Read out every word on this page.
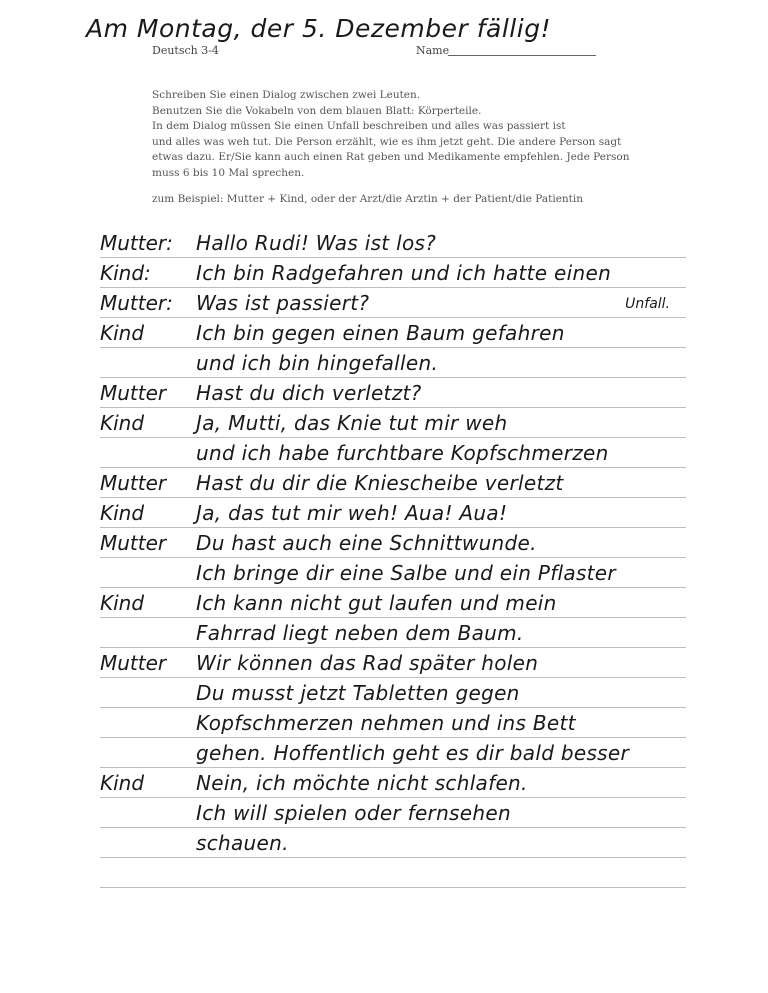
Am Montag, der 5. Dezember fällig!
Deutsch 3-4	Name
Schreiben Sie einen Dialog zwischen zwei Leuten.
Benutzen Sie die Vokabeln von dem blauen Blatt: Körperteile.
In dem Dialog müssen Sie einen Unfall beschreiben und alles was passiert ist
und alles was weh tut. Die Person erzählt, wie es ihm jetzt geht. Die andere Person sagt
etwas dazu. Er/Sie kann auch einen Rat geben und Medikamente empfehlen. Jede Person
muss 6 bis 10 Mal sprechen.
zum Beispiel: Mutter + Kind, oder der Arzt/die Arztin + der Patient/die Patientin
Mutter: Hallo Rudi! Was ist los?
Kind: Ich bin Radgefahren und ich hatte einen
Mutter: Was ist passiert?	Unfall.
Kind	Ich bin gegen einen Baum gefahren
und ich bin hingefallen.
Mutter Hast du dich verletzt?
Kind	Ja, Mutti, das Knie tut mir weh
und ich habe furchtbare Kopfschmerzen
Mutter Hast du dir die Kniescheibe verletzt
Kind	Ja, das tut mir weh! Aua! Aua!
Mutter Du hast auch eine Schnittwunde.
Ich bringe dir eine Salbe und ein Pflaster
Kind	Ich kann nicht gut laufen und mein
Fahrrad liegt neben dem Baum.
Mutter Wir können das Rad später holen
Du musst jetzt Tabletten gegen
Kopfschmerzen nehmen und ins Bett
gehen. Hoffentlich geht es dir bald besser
Kind	Nein, ich möchte nicht schlafen.
Ich will spielen oder fernsehen
schauen.
